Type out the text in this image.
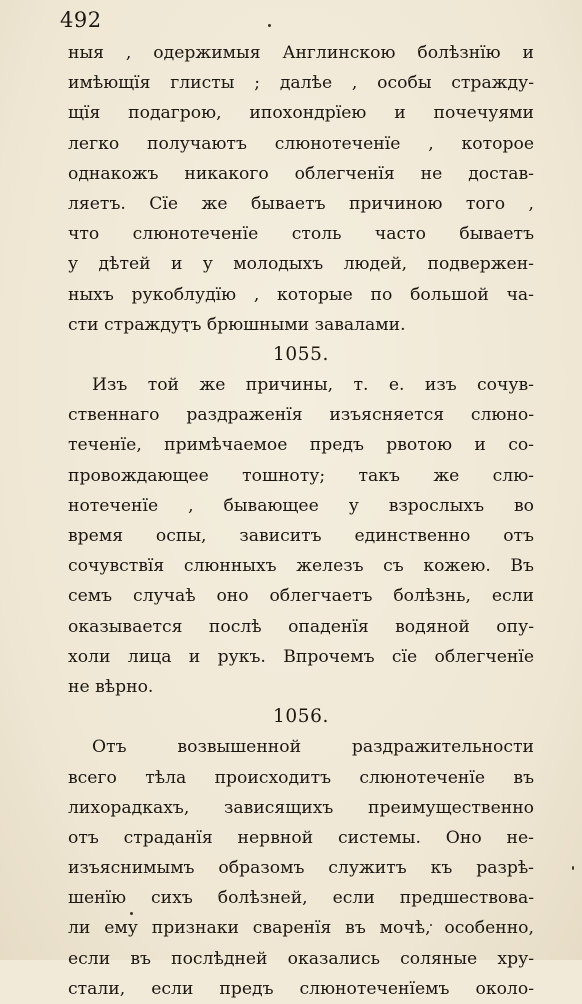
492
ныя , одержимыя Англинскою болѣзнїю и
имѣющїя глисты ; далѣе , особы стражду-
щїя подагрою, ипохондрїею и почечуями
легко получаютъ слюнотеченїе , которое
однакожъ никакого облегченїя не достав-
ляетъ. Сїе же бываетъ причиною того ,
что слюнотеченїе столь часто бываетъ
у дѣтей и у молодыхъ людей, подвержен-
ныхъ рукоблудїю , которые по большой ча-
сти страждутъ брюшными завалами.
1055.
Изъ той же причины, т. е. изъ сочув-
ственнаго раздраженїя изъясняется слюно-
теченїе, примѣчаемое предъ рвотою и со-
провождающее тошноту; такъ же слю-
нотеченїе , бывающее у взрослыхъ во
время оспы, зависитъ единственно отъ
сочувствїя слюнныхъ железъ съ кожею. Въ
семъ случаѣ оно облегчаетъ болѣзнь, если
оказывается послѣ опаденїя водяной опу-
холи лица и рукъ. Впрочемъ сїе облегченїе
не вѣрно.
1056.
Отъ возвышенной раздражительности
всего тѣла происходитъ слюнотеченїе въ
лихорадкахъ, зависящихъ преимущественно
отъ страданїя нервной системы. Оно не-
изъяснимымъ образомъ служитъ къ разрѣ-
шенїю сихъ болѣзней, если предшествова-
ли ему признаки сваренїя въ мочѣ, особенно,
если въ послѣдней оказались соляные хру-
стали, если предъ слюнотеченїемъ около-
